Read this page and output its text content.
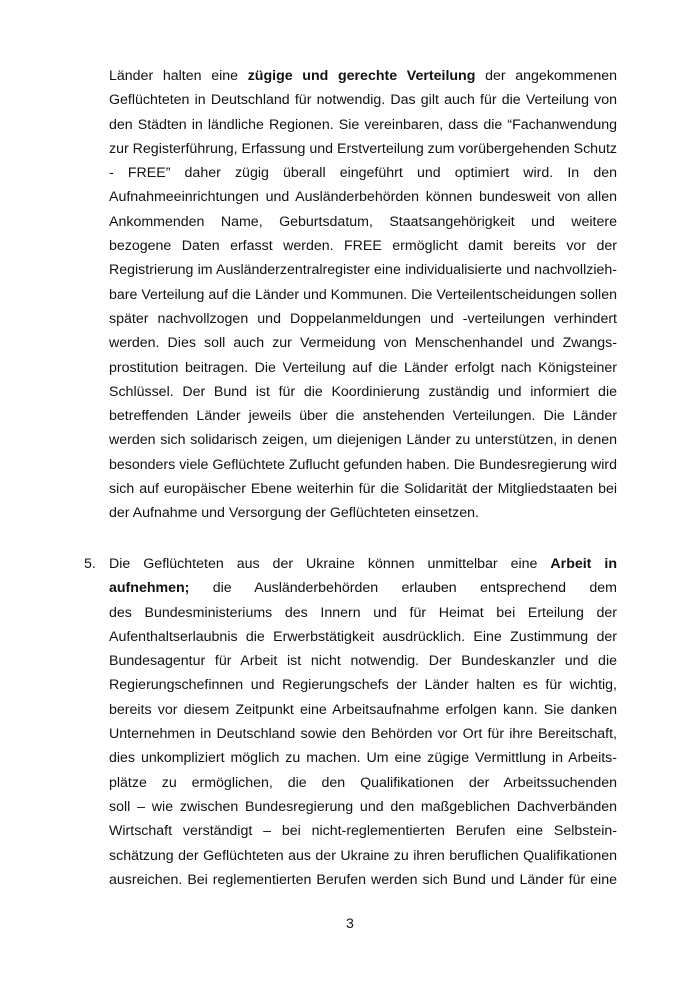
Länder halten eine zügige und gerechte Verteilung der angekommenen
Geflüchteten in Deutschland für notwendig. Das gilt auch für die Verteilung von
den Städten in ländliche Regionen. Sie vereinbaren, dass die “Fachanwendung
zur Registerführung, Erfassung und Erstverteilung zum vorübergehenden Schutz
- FREE” daher zügig überall eingeführt und optimiert wird. In den
Aufnahmeeinrichtungen und Ausländerbehörden können bundesweit von allen
Ankommenden Name, Geburtsdatum, Staatsangehörigkeit und weitere
bezogene Daten erfasst werden. FREE ermöglicht damit bereits vor der
Registrierung im Ausländerzentralregister eine individualisierte und nachvollzieh-
bare Verteilung auf die Länder und Kommunen. Die Verteilentscheidungen sollen
später nachvollzogen und Doppelanmeldungen und -verteilungen verhindert
werden. Dies soll auch zur Vermeidung von Menschenhandel und Zwangs-
prostitution beitragen. Die Verteilung auf die Länder erfolgt nach Königsteiner
Schlüssel. Der Bund ist für die Koordinierung zuständig und informiert die
betreffenden Länder jeweils über die anstehenden Verteilungen. Die Länder
werden sich solidarisch zeigen, um diejenigen Länder zu unterstützen, in denen
besonders viele Geflüchtete Zuflucht gefunden haben. Die Bundesregierung wird
sich auf europäischer Ebene weiterhin für die Solidarität der Mitgliedstaaten bei
der Aufnahme und Versorgung der Geflüchteten einsetzen.
5. Die Geflüchteten aus der Ukraine können unmittelbar eine Arbeit in
aufnehmen; die Ausländerbehörden erlauben entsprechend dem
des Bundesministeriums des Innern und für Heimat bei Erteilung der
Aufenthaltserlaubnis die Erwerbstätigkeit ausdrücklich. Eine Zustimmung der
Bundesagentur für Arbeit ist nicht notwendig. Der Bundeskanzler und die
Regierungschefinnen und Regierungschefs der Länder halten es für wichtig,
bereits vor diesem Zeitpunkt eine Arbeitsaufnahme erfolgen kann. Sie danken
Unternehmen in Deutschland sowie den Behörden vor Ort für ihre Bereitschaft,
dies unkompliziert möglich zu machen. Um eine zügige Vermittlung in Arbeits-
plätze zu ermöglichen, die den Qualifikationen der Arbeitssuchenden
soll – wie zwischen Bundesregierung und den maßgeblichen Dachverbänden
Wirtschaft verständigt – bei nicht-reglementierten Berufen eine Selbstein-
schätzung der Geflüchteten aus der Ukraine zu ihren beruflichen Qualifikationen
ausreichen. Bei reglementierten Berufen werden sich Bund und Länder für eine
3
